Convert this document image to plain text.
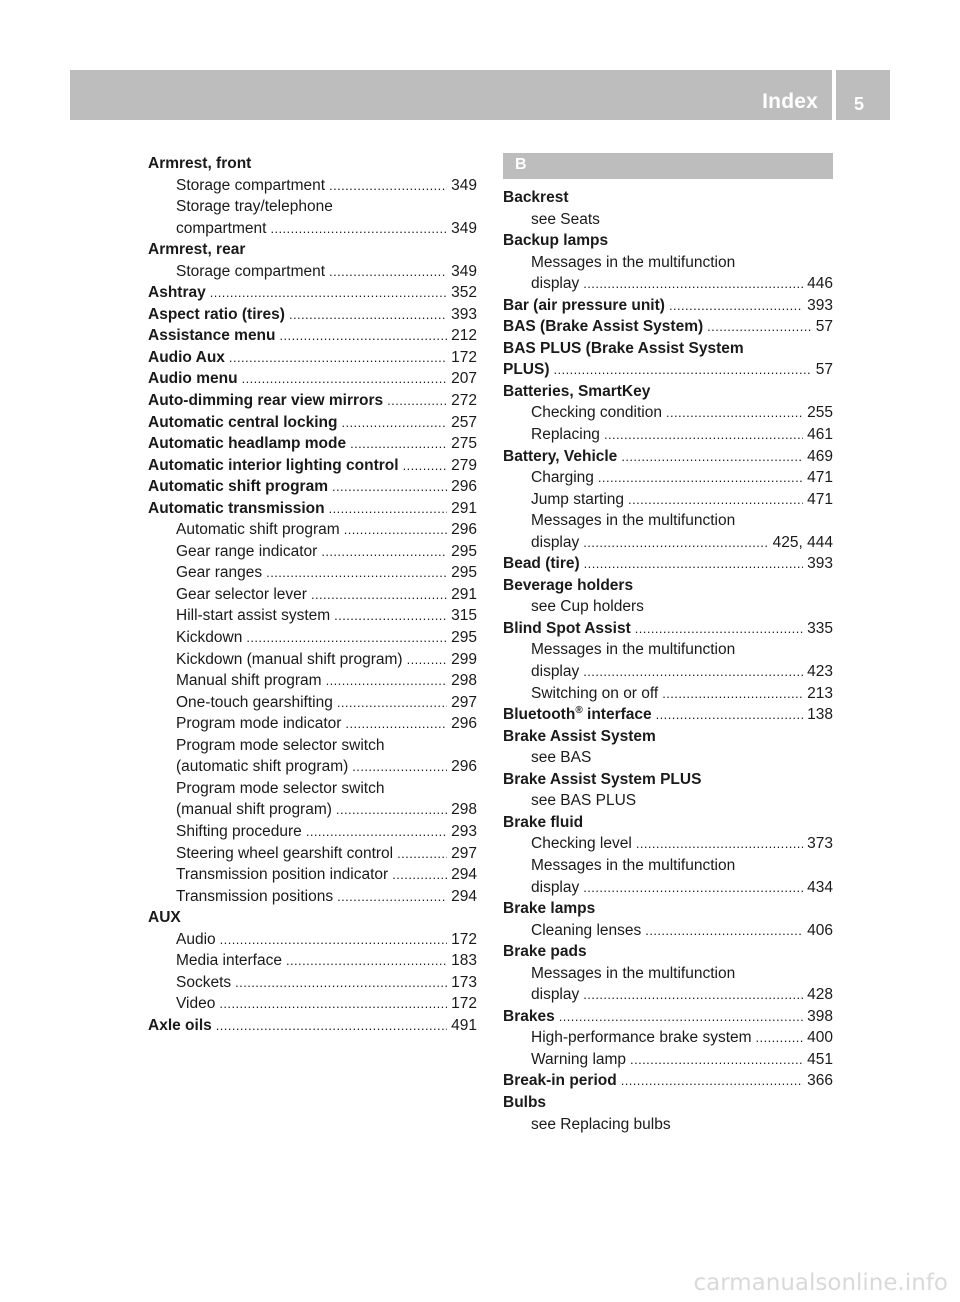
Index 5
Armrest, front
Storage compartment . . .	349
Storage tray/telephone
compartment . . .	349
Armrest, rear
Storage compartment . . .	349
Ashtray . . .	352
Aspect ratio (tires) . . .	393
Assistance menu . . .	212
Audio Aux . . .	172
Audio menu . . .	207
Auto-dimming rear view mirrors . . .	272
Automatic central locking . . .	257
Automatic headlamp mode . . .	275
Automatic interior lighting control . . .	279
Automatic shift program . . .	296
Automatic transmission . . .	291
Automatic shift program . . .	296
Gear range indicator . . .	295
Gear ranges . . .	295
Gear selector lever . . .	291
Hill-start assist system . . .	315
Kickdown . . .	295
Kickdown (manual shift program) . . .	299
Manual shift program . . .	298
One-touch gearshifting . . .	297
Program mode indicator . . .	296
Program mode selector switch
(automatic shift program) . . .	296
Program mode selector switch
(manual shift program) . . .	298
Shifting procedure . . .	293
Steering wheel gearshift control . . .	297
Transmission position indicator . . .	294
Transmission positions . . .	294
AUX
Audio . . .	172
Media interface . . .	183
Sockets . . .	173
Video . . .	172
Axle oils . . .	491
B
Backrest
see Seats
Backup lamps
Messages in the multifunction
display . . .	446
Bar (air pressure unit) . . .	393
BAS (Brake Assist System) . . .	57
BAS PLUS (Brake Assist System
PLUS) . . .	57
Batteries, SmartKey
Checking condition . . .	255
Replacing . . .	461
Battery, Vehicle . . .	469
Charging . . .	471
Jump starting . . .	471
Messages in the multifunction
display . . .	425, 444
Bead (tire) . . .	393
Beverage holders
see Cup holders
Blind Spot Assist . . .	335
Messages in the multifunction
display . . .	423
Switching on or off . . .	213
Bluetooth® interface . . .	138
Brake Assist System
see BAS
Brake Assist System PLUS
see BAS PLUS
Brake fluid
Checking level . . .	373
Messages in the multifunction
display . . .	434
Brake lamps
Cleaning lenses . . .	406
Brake pads
Messages in the multifunction
display . . .	428
Brakes . . .	398
High-performance brake system . . .	400
Warning lamp . . .	451
Break-in period . . .	366
Bulbs
see Replacing bulbs
carmanualsonline.info
